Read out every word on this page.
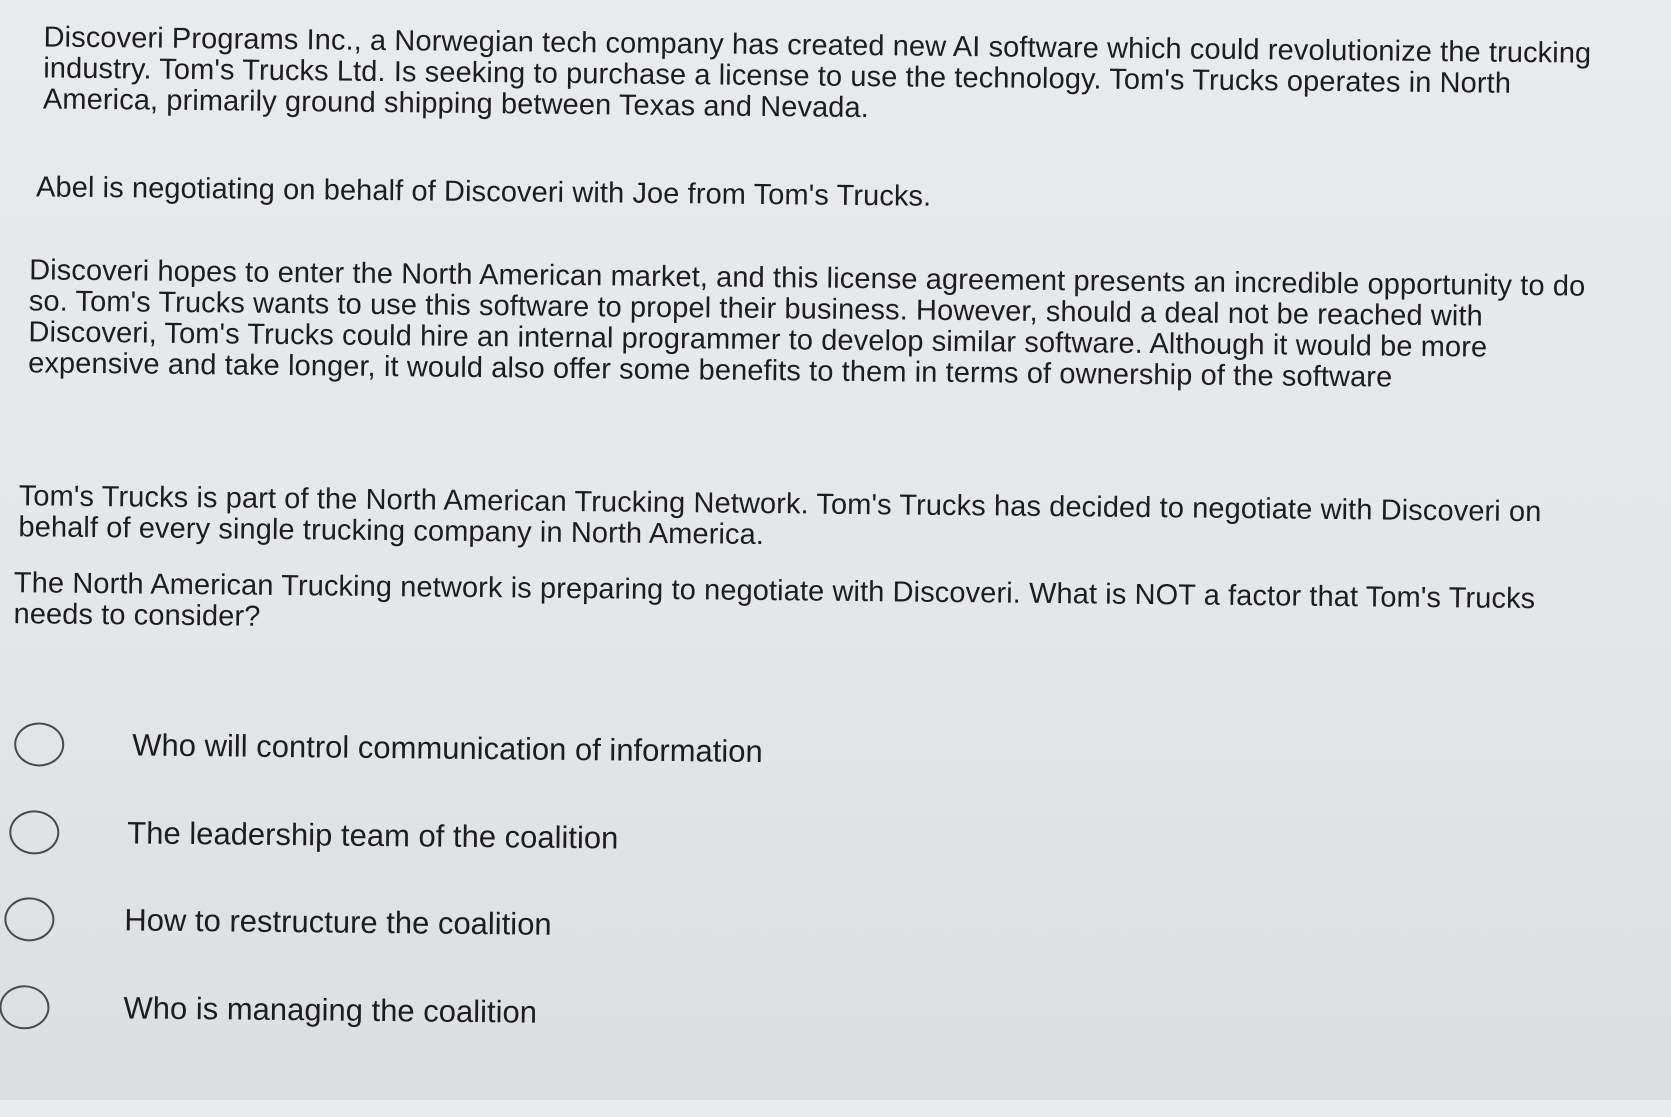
Discoveri Programs Inc., a Norwegian tech company has created new AI software which could revolutionize the trucking industry. Tom's Trucks Ltd. Is seeking to purchase a license to use the technology. Tom's Trucks operates in North America, primarily ground shipping between Texas and Nevada.

Abel is negotiating on behalf of Discoveri with Joe from Tom's Trucks.

Discoveri hopes to enter the North American market, and this license agreement presents an incredible opportunity to do so. Tom's Trucks wants to use this software to propel their business. However, should a deal not be reached with Discoveri, Tom's Trucks could hire an internal programmer to develop similar software. Although it would be more expensive and take longer, it would also offer some benefits to them in terms of ownership of the software

Tom's Trucks is part of the North American Trucking Network. Tom's Trucks has decided to negotiate with Discoveri on behalf of every single trucking company in North America.

The North American Trucking network is preparing to negotiate with Discoveri. What is NOT a factor that Tom's Trucks needs to consider?

Who will control communication of information
The leadership team of the coalition
How to restructure the coalition
Who is managing the coalition
